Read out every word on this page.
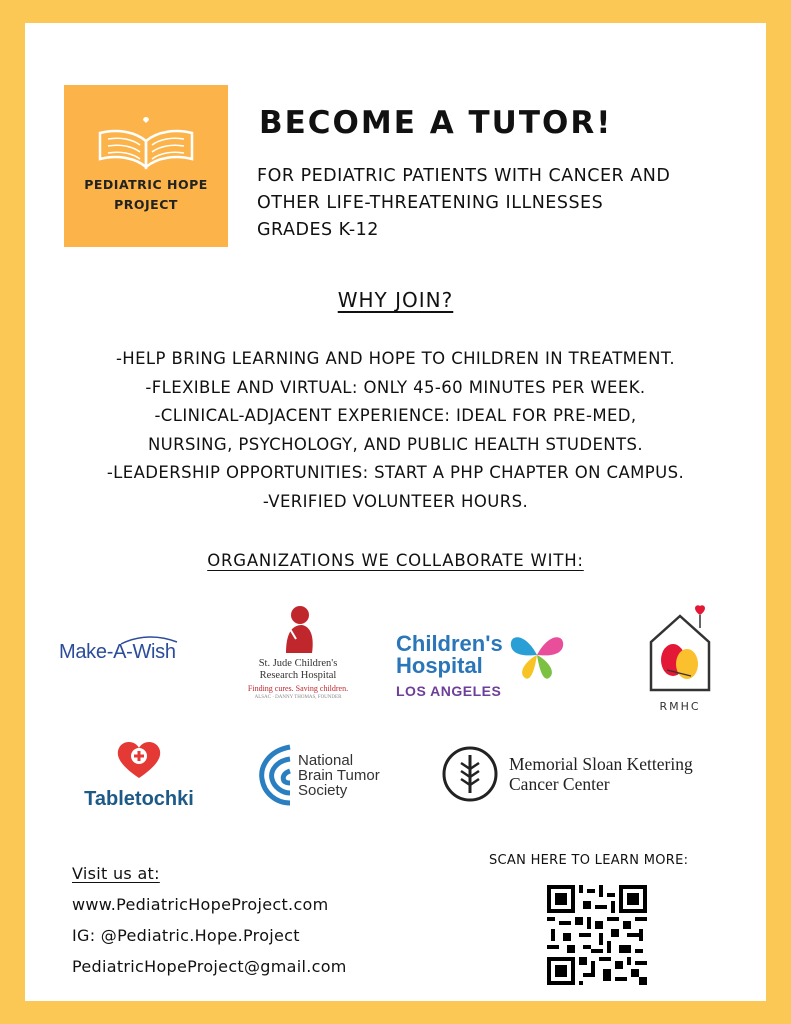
PEDIATRIC HOPE
PROJECT
BECOME A TUTOR!
FOR PEDIATRIC PATIENTS WITH CANCER AND
OTHER LIFE-THREATENING ILLNESSES
GRADES K-12
WHY JOIN?
-HELP BRING LEARNING AND HOPE TO CHILDREN IN TREATMENT.
-FLEXIBLE AND VIRTUAL: ONLY 45-60 MINUTES PER WEEK.
-CLINICAL-ADJACENT EXPERIENCE: IDEAL FOR PRE-MED,
NURSING, PSYCHOLOGY, AND PUBLIC HEALTH STUDENTS.
-LEADERSHIP OPPORTUNITIES: START A PHP CHAPTER ON CAMPUS.
-VERIFIED VOLUNTEER HOURS.
ORGANIZATIONS WE COLLABORATE WITH:
Make-A-Wish
St. Jude Children's
Research Hospital
Finding cures. Saving children.
ALSAC · DANNY THOMAS, FOUNDER
Children's
Hospital
LOS ANGELES
RMHC
Tabletochki
National
Brain Tumor
Society
Memorial Sloan Kettering
Cancer Center
Visit us at:
www.PediatricHopeProject.com
IG: @Pediatric.Hope.Project
PediatricHopeProject@gmail.com
SCAN HERE TO LEARN MORE:
